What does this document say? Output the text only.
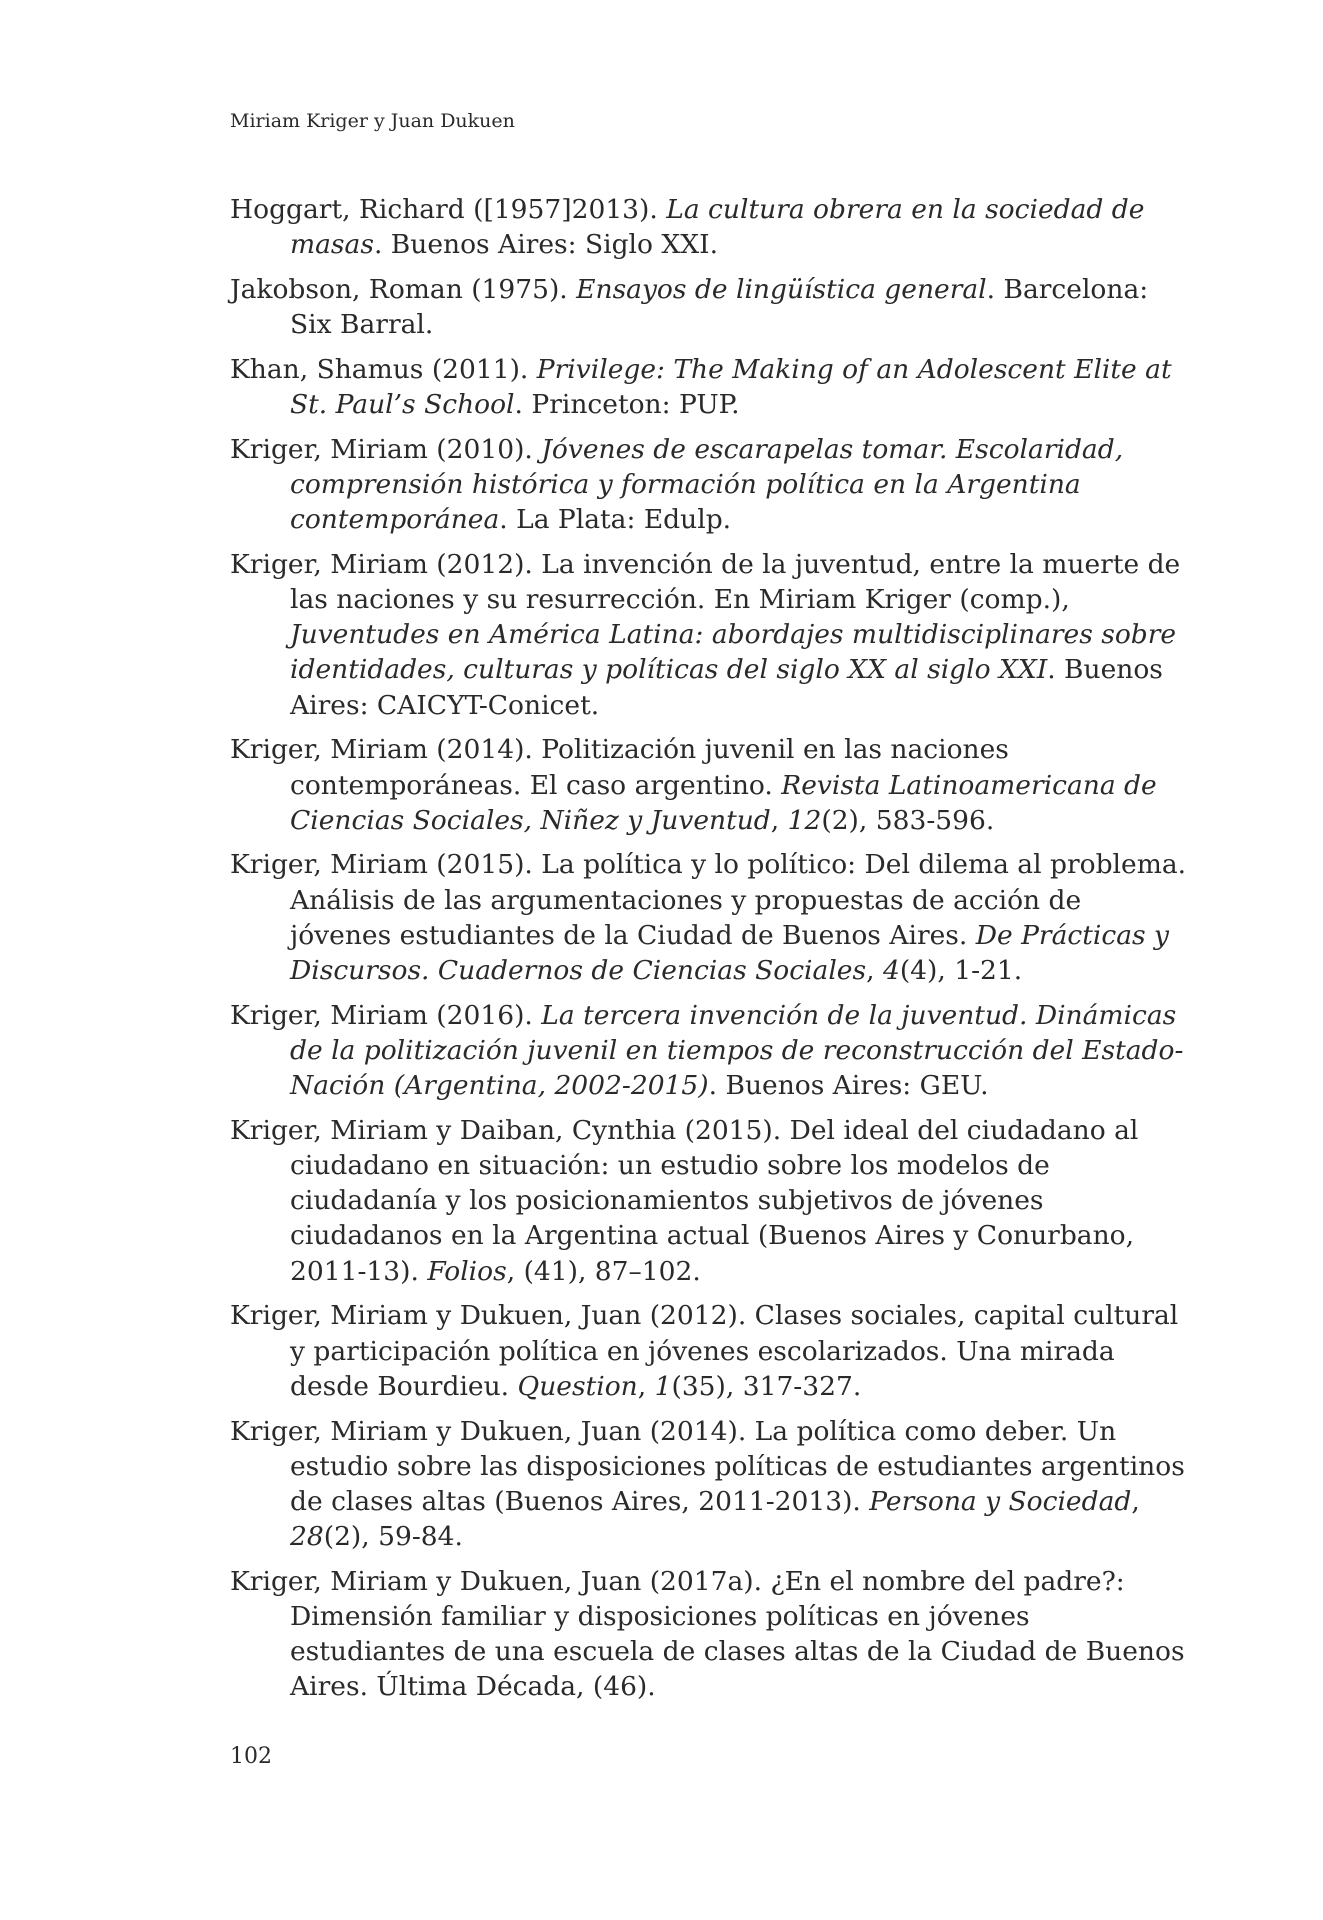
Miriam Kriger y Juan Dukuen

Hoggart, Richard ([1957]2013). La cultura obrera en la sociedad de masas. Buenos Aires: Siglo XXI.

Jakobson, Roman (1975). Ensayos de lingüística general. Barcelona: Six Barral.

Khan, Shamus (2011). Privilege: The Making of an Adolescent Elite at St. Paul’s School. Princeton: PUP.

Kriger, Miriam (2010). Jóvenes de escarapelas tomar. Escolaridad, comprensión histórica y formación política en la Argentina contemporánea. La Plata: Edulp.

Kriger, Miriam (2012). La invención de la juventud, entre la muerte de las naciones y su resurrección. En Miriam Kriger (comp.), Juventudes en América Latina: abordajes multidisciplinares sobre identidades, culturas y políticas del siglo XX al siglo XXI. Buenos Aires: CAICYT-Conicet.

Kriger, Miriam (2014). Politización juvenil en las naciones contemporáneas. El caso argentino. Revista Latinoamericana de Ciencias Sociales, Niñez y Juventud, 12(2), 583-596.

Kriger, Miriam (2015). La política y lo político: Del dilema al problema. Análisis de las argumentaciones y propuestas de acción de jóvenes estudiantes de la Ciudad de Buenos Aires. De Prácticas y Discursos. Cuadernos de Ciencias Sociales, 4(4), 1-21.

Kriger, Miriam (2016). La tercera invención de la juventud. Dinámicas de la politización juvenil en tiempos de reconstrucción del Estado-Nación (Argentina, 2002-2015). Buenos Aires: GEU.

Kriger, Miriam y Daiban, Cynthia (2015). Del ideal del ciudadano al ciudadano en situación: un estudio sobre los modelos de ciudadanía y los posicionamientos subjetivos de jóvenes ciudadanos en la Argentina actual (Buenos Aires y Conurbano, 2011-13). Folios, (41), 87–102.

Kriger, Miriam y Dukuen, Juan (2012). Clases sociales, capital cultural y participación política en jóvenes escolarizados. Una mirada desde Bourdieu. Question, 1(35), 317-327.

Kriger, Miriam y Dukuen, Juan (2014). La política como deber. Un estudio sobre las disposiciones políticas de estudiantes argentinos de clases altas (Buenos Aires, 2011-2013). Persona y Sociedad, 28(2), 59-84.

Kriger, Miriam y Dukuen, Juan (2017a). ¿En el nombre del padre?: Dimensión familiar y disposiciones políticas en jóvenes estudiantes de una escuela de clases altas de la Ciudad de Buenos Aires. Última Década, (46).

102
